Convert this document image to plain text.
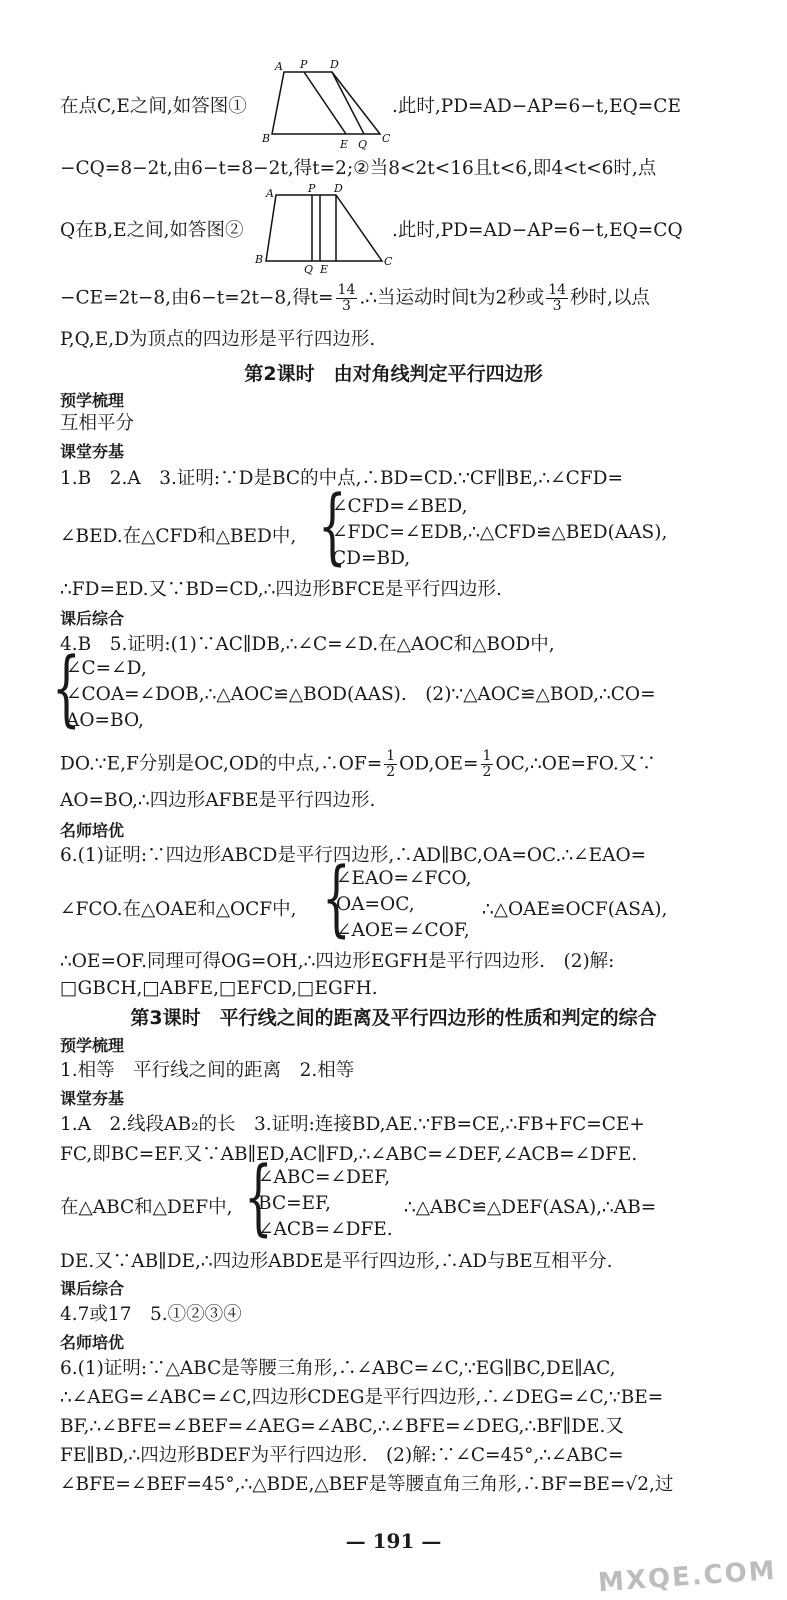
在点C,E之间,如答图①
A P D
B	E Q C
.此时,PD=AD−AP=6−t,EQ=CE
−CQ=8−2t,由6−t=8−2t,得t=2;②当8<2t<16且t<6,即4<t<6时,点
Q在B,E之间,如答图②
A	P D
B
Q E
C
.此时,PD=AD−AP=6−t,EQ=CQ
−CE=2t−8,由6−t=2t−8,得$t= \frac{14}{3}$ .∴当运动时间t为2秒或 $\frac{14}{3}$ 秒时,以点
P,Q,E,D为顶点的四边形是平行四边形.
第2课时　由对角线判定平行四边形
预学梳理
互相平分
课堂夯基
1.B　2.A　3.证明:∵D是BC的中点,∴BD=CD.∵CF∥BE,∴∠CFD=
∠BED.在△CFD和△BED中, {
∠CFD=∠BED,
∠FDC=∠EDB,∴△CFD≌△BED(AAS),
CD=BD,
∴FD=ED.又∵BD=CD,∴四边形BFCE是平行四边形.
课后综合
4.B　5.证明:(1)∵AC∥DB,∴∠C=∠D.在△AOC和△BOD中,
{
∠C=∠D,
∠COA=∠DOB,∴△AOC≌△BOD(AAS).　(2)∵△AOC≌△BOD,∴CO=
AO=BO,
DO.∵E,F分别是OC,OD的中点,∴OF= $\frac{1}{2} OD,OE= \frac{1}{2}$ OC,∴OE=FO.又∵
AO=BO,∴四边形AFBE是平行四边形.
名师培优
6.(1)证明:∵四边形ABCD是平行四边形,∴AD∥BC,OA=OC.∴∠EAO=
∠FCO.在△OAE和△OCF中, {
∠EAO=∠FCO,
OA=OC,
∠AOE=∠COF,
∴△OAE≌OCF(ASA),
∴OE=OF.同理可得OG=OH,∴四边形EGFH是平行四边形.　(2)解:
□GBCH,□ABFE,□EFCD,□EGFH.
第3课时　平行线之间的距离及平行四边形的性质和判定的综合
预学梳理
1.相等　平行线之间的距离　2.相等
课堂夯基
1.A　2.线段AB₂的长　3.证明:连接BD,AE.∵FB=CE,∴FB+FC=CE+
FC,即BC=EF.又∵AB∥ED,AC∥FD,∴∠ABC=∠DEF,∠ACB=∠DFE.
在△ABC和△DEF中, {
∠ABC=∠DEF,
BC=EF,
∠ACB=∠DFE.
∴△ABC≌△DEF(ASA),∴AB=
DE.又∵AB∥DE,∴四边形ABDE是平行四边形,∴AD与BE互相平分.
课后综合
4.7或17　5.①②③④
名师培优
6.(1)证明:∵△ABC是等腰三角形,∴∠ABC=∠C,∵EG∥BC,DE∥AC,
∴∠AEG=∠ABC=∠C,四边形CDEG是平行四边形,∴∠DEG=∠C,∵BE=
BF,∴∠BFE=∠BEF=∠AEG=∠ABC,∴∠BFE=∠DEG,∴BF∥DE.又
FE∥BD,∴四边形BDEF为平行四边形.　(2)解:∵∠C=45°,∴∠ABC=
∠BFE=∠BEF=45°,∴△BDE,△BEF是等腰直角三角形,∴BF=BE=√2,过
— 191 —
MXQE.COM
